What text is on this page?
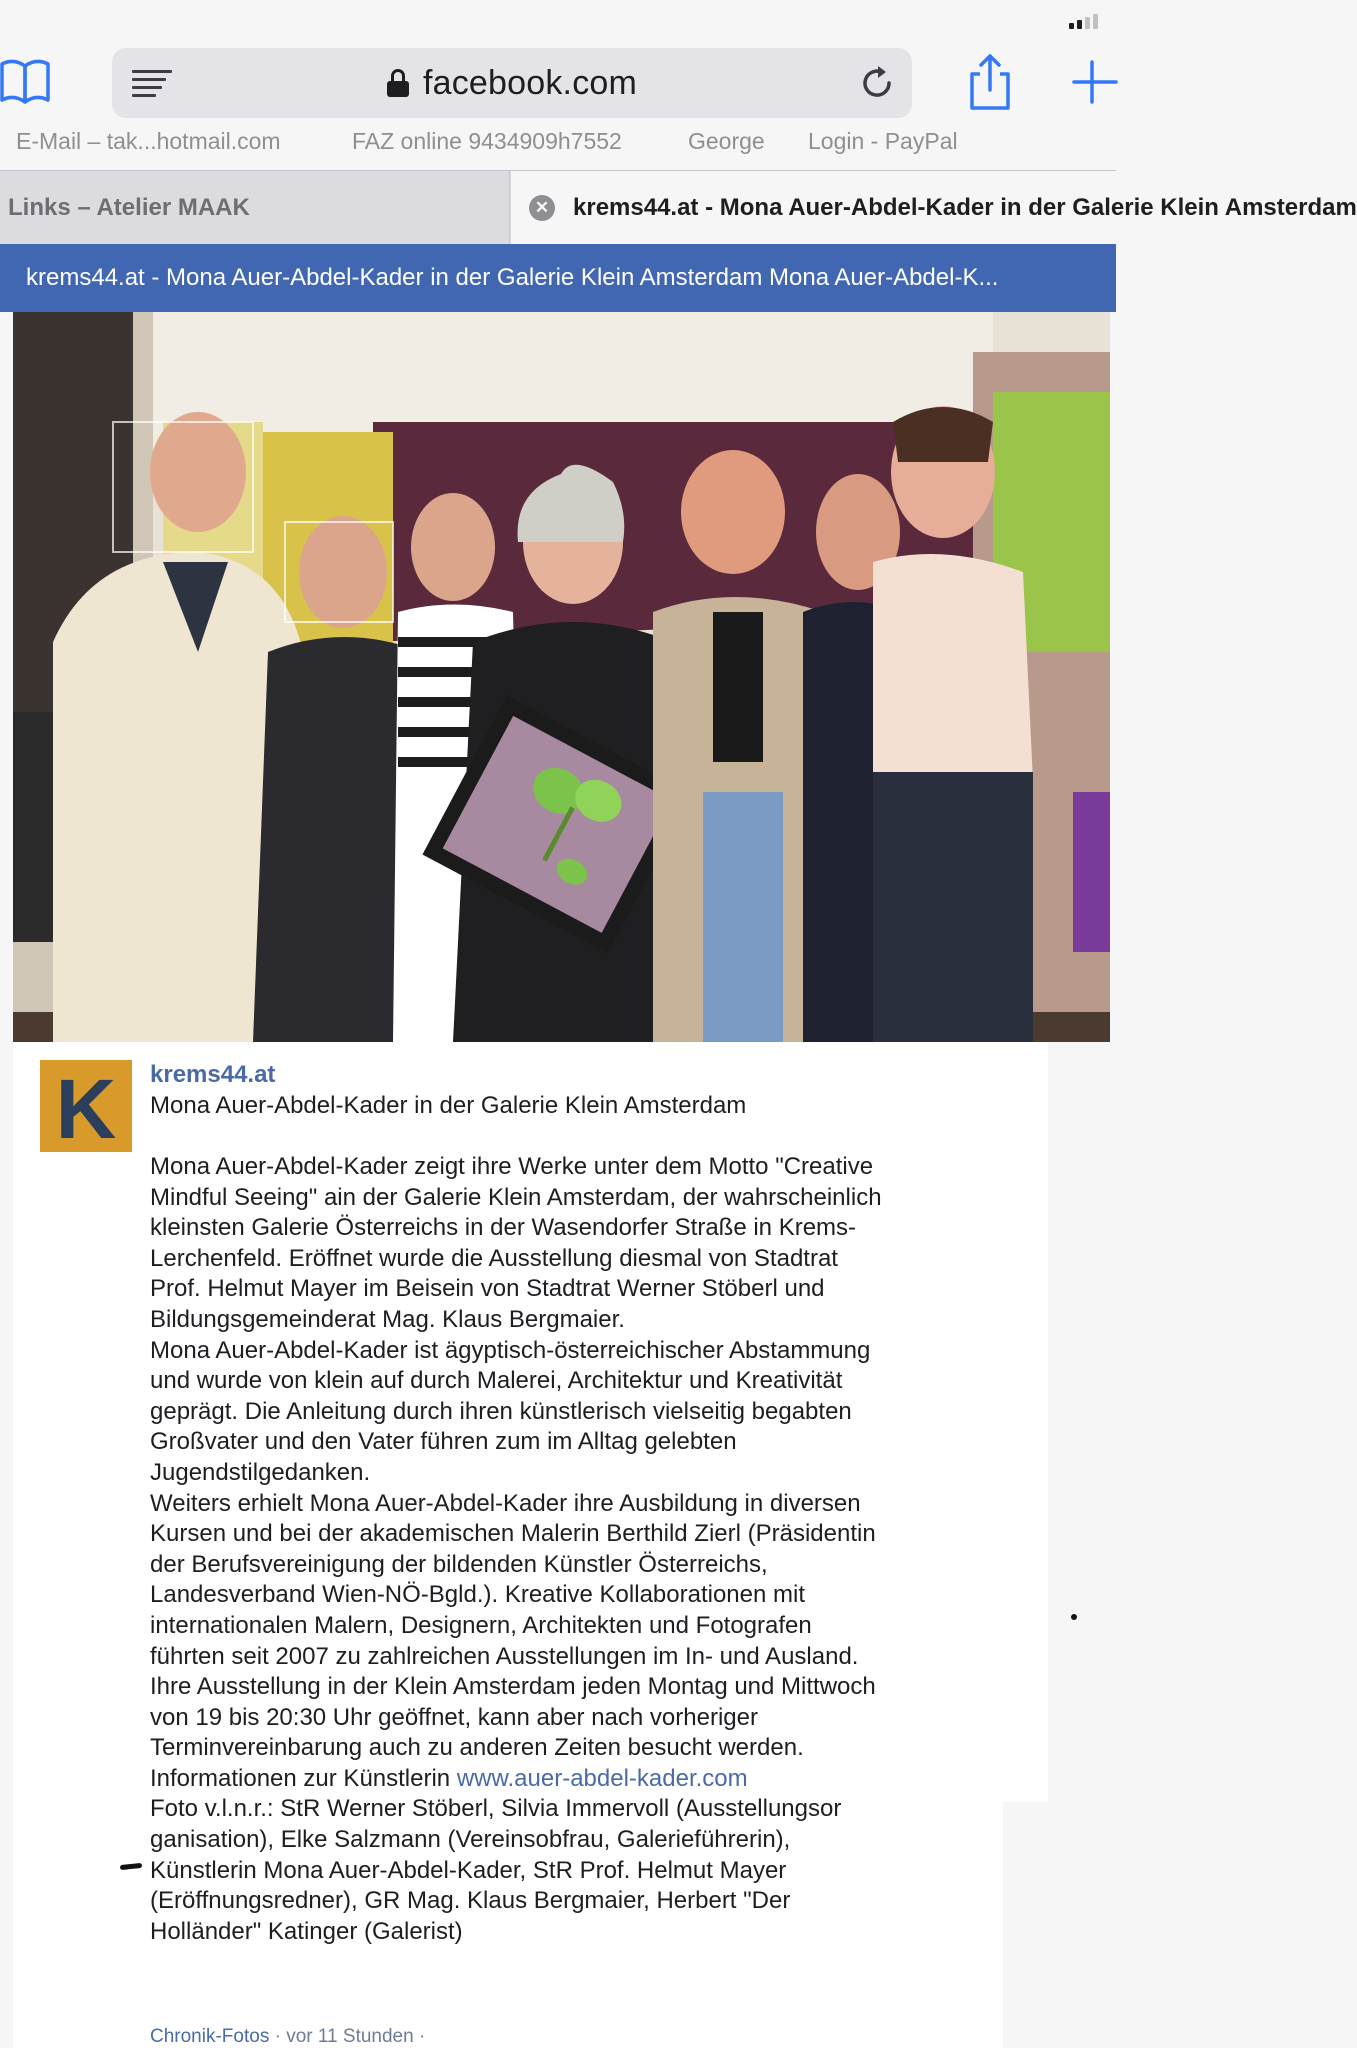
facebook.com
E-Mail – tak...hotmail.com	FAZ online 9434909h7552	George Login - PayPal
Links – Atelier MAAK	✕ krems44.at - Mona Auer-Abdel-Kader in der Galerie Klein Amsterdam
krems44.at - Mona Auer-Abdel-Kader in der Galerie Klein Amsterdam Mona Auer-Abdel-K...
K krems44.at
Mona Auer-Abdel-Kader in der Galerie Klein Amsterdam

Mona Auer-Abdel-Kader zeigt ihre Werke unter dem Motto "Creative Mindful Seeing" ain der Galerie Klein Amsterdam, der wahrscheinlich kleinsten Galerie Österreichs in der Wasendorfer Straße in Krems-Lerchenfeld. Eröffnet wurde die Ausstellung diesmal von Stadtrat Prof. Helmut Mayer im Beisein von Stadtrat Werner Stöberl und Bildungsgemeinderat Mag. Klaus Bergmaier.

Mona Auer-Abdel-Kader ist ägyptisch-österreichischer Abstammung und wurde von klein auf durch Malerei, Architektur und Kreativität geprägt. Die Anleitung durch ihren künstlerisch vielseitig begabten Großvater und den Vater führen zum im Alltag gelebten Jugendstilgedanken.

Weiters erhielt Mona Auer-Abdel-Kader ihre Ausbildung in diversen Kursen und bei der akademischen Malerin Berthild Zierl (Präsidentin der Berufsvereinigung der bildenden Künstler Österreichs, Landesverband Wien-NÖ-Bgld.). Kreative Kollaborationen mit internationalen Malern, Designern, Architekten und Fotografen führten seit 2007 zu zahlreichen Ausstellungen im In- und Ausland.

Ihre Ausstellung in der Klein Amsterdam jeden Montag und Mittwoch von 19 bis 20:30 Uhr geöffnet, kann aber nach vorheriger Terminvereinbarung auch zu anderen Zeiten besucht werden.

Informationen zur Künstlerin www.auer-abdel-kader.com

Foto v.l.n.r.: StR Werner Stöberl, Silvia Immervoll (Ausstellungsor ganisation), Elke Salzmann (Vereinsobfrau, Galerieführerin), Künstlerin Mona Auer-Abdel-Kader, StR Prof. Helmut Mayer (Eröffnungsredner), GR Mag. Klaus Bergmaier, Herbert "Der Holländer" Katinger (Galerist)

Chronik-Fotos · vor 11 Stunden ·
